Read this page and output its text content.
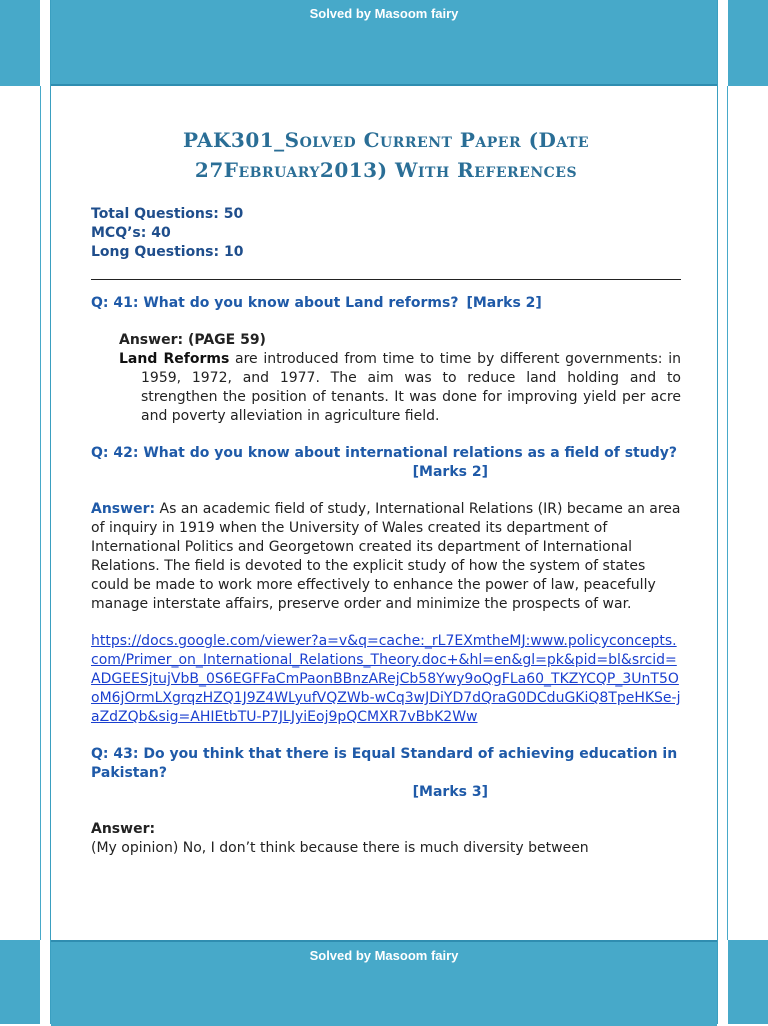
Solved by Masoom fairy
PAK301_Solved Current Paper (Date
27February2013) With References
Total Questions: 50
MCQ’s: 40
Long Questions: 10

Q: 41: What do you know about Land reforms? [Marks 2]

Answer: (PAGE 59)

Land Reforms are introduced from time to time by different governments: in 1959, 1972, and 1977. The aim was to reduce land holding and to strengthen the position of tenants. It was done for improving yield per acre and poverty alleviation in agriculture field.

Q: 42: What do you know about international relations as a field of study?
[Marks 2]

Answer: As an academic field of study, International Relations (IR) became an area of inquiry in 1919 when the University of Wales created its department of International Politics and Georgetown created its department of International Relations. The field is devoted to the explicit study of how the system of states could be made to work more effectively to enhance the power of law, peacefully manage interstate affairs, preserve order and minimize the prospects of war.

https://docs.google.com/viewer?a=v&q=cache:_rL7EXmtheMJ:www.policyconcepts.com/Primer_on_International_Relations_Theory.doc+&hl=en&gl=pk&pid=bl&srcid=ADGEESjtujVbB_0S6EGFFaCmPaonBBnzARejCb58Ywy9oQgFLa60_TKZYCQP_3UnT5OoM6jOrmLXgrqzHZQ1J9Z4WLyufVQZWb-wCq3wJDiYD7dQraG0DCduGKiQ8TpeHKSe-jaZdZQb&sig=AHIEtbTU-P7JLJyiEoj9pQCMXR7vBbK2Ww

Q: 43: Do you think that there is Equal Standard of achieving education in Pakistan?
[Marks 3]

Answer:

(My opinion) No, I don’t think because there is much diversity between

Solved by Masoom fairy
